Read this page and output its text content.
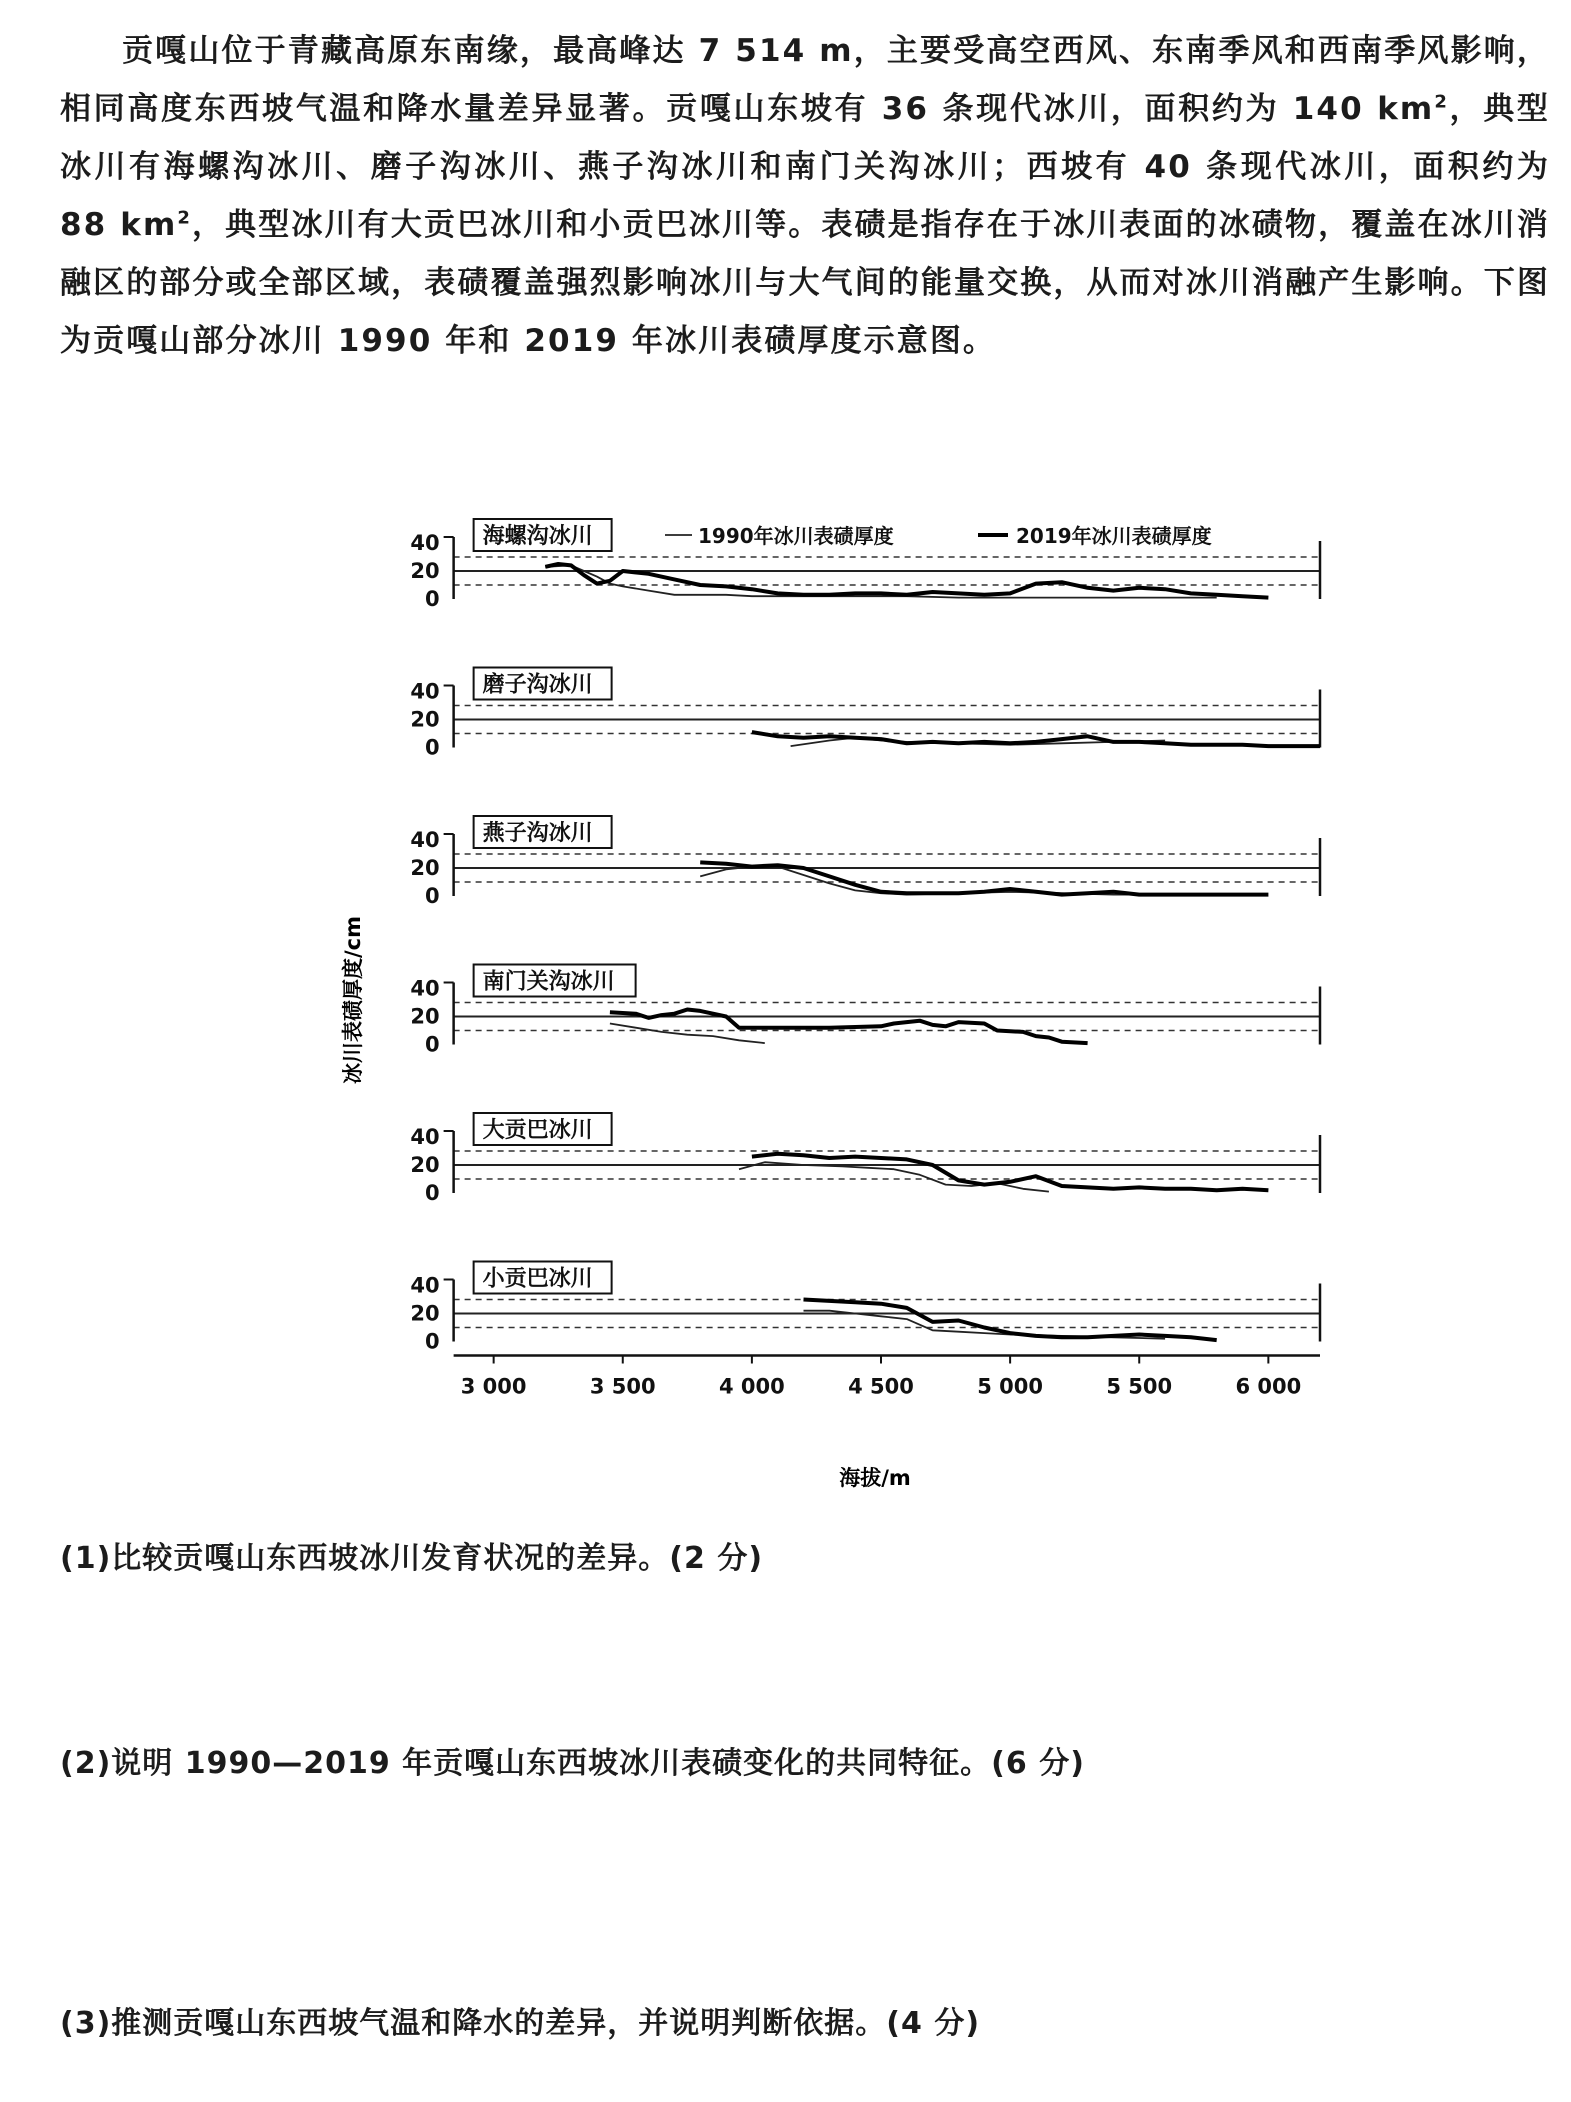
贡嘎山位于青藏高原东南缘，最高峰达 7 514 m，主要受高空西风、东南季风和西南季风影响，相同高度东西坡气温和降水量差异显著。贡嘎山东坡有 36 条现代冰川，面积约为 140 $km^2$，典型冰川有海螺沟冰川、磨子沟冰川、燕子沟冰川和南门关沟冰川；西坡有 40 条现代冰川，面积约为 88 $km^2$，典型冰川有大贡巴冰川和小贡巴冰川等。表碛是指存在于冰川表面的冰碛物，覆盖在冰川消融区的部分或全部区域，表碛覆盖强烈影响冰川与大气间的能量交换，从而对冰川消融产生影响。下图为贡嘎山部分冰川 1990 年和 2019 年冰川表碛厚度示意图。

0
20
40 海螺沟冰川
0
20
40 磨子沟冰川
0
20
40 燕子沟冰川
0
20
40 南门关沟冰川
0
20
40 大贡巴冰川
0
20
40 小贡巴冰川
1990年冰川表碛厚度	2019年冰川表碛厚度
3 000	3 500	4 000	4 500	5 000	5 500	6 000
冰川表碛厚度/cm
海拔/m
(1)比较贡嘎山东西坡冰川发育状况的差异。(2 分)
(2)说明 1990—2019 年贡嘎山东西坡冰川表碛变化的共同特征。(6 分)
(3)推测贡嘎山东西坡气温和降水的差异，并说明判断依据。(4 分)
